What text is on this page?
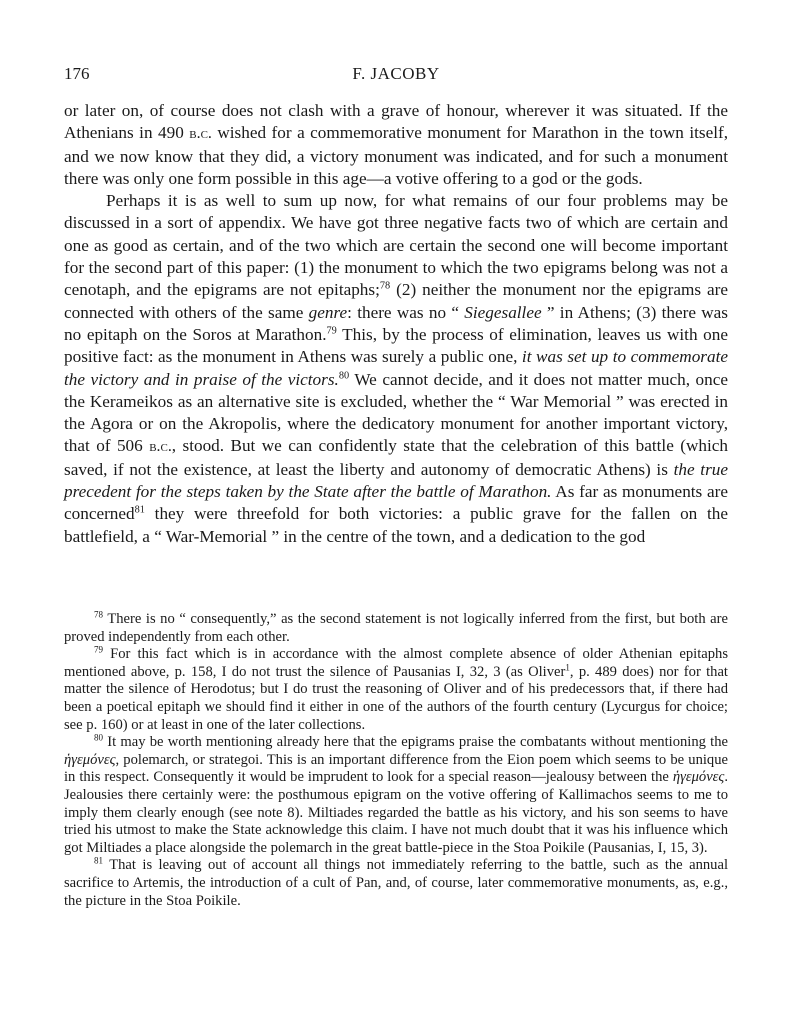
176	F. JACOBY

or later on, of course does not clash with a grave of honour, wherever it was situated. If the Athenians in 490 b.c. wished for a commemorative monument for Marathon in the town itself, and we now know that they did, a victory monument was indicated, and for such a monument there was only one form possible in this age—a votive offering to a god or the gods.

Perhaps it is as well to sum up now, for what remains of our four problems may be discussed in a sort of appendix. We have got three negative facts two of which are certain and one as good as certain, and of the two which are certain the second one will become important for the second part of this paper: (1) the monument to which the two epigrams belong was not a cenotaph, and the epigrams are not epitaphs;$^{78}$ (2) neither the monument nor the epigrams are connected with others of the same genre: there was no “ Siegesallee ” in Athens; (3) there was no epitaph on the Soros at Marathon.$^{79}$ This, by the process of elimination, leaves us with one positive fact: as the monument in Athens was surely a public one, it was set up to commemorate the victory and in praise of the victors.$^{80}$ We cannot decide, and it does not matter much, once the Kerameikos as an alternative site is excluded, whether the “ War Memorial ” was erected in the Agora or on the Akropolis, where the dedicatory monument for another important victory, that of 506 b.c., stood. But we can confidently state that the celebration of this battle (which saved, if not the existence, at least the liberty and autonomy of democratic Athens) is the true precedent for the steps taken by the State after the battle of Marathon. As far as monuments are concerned$^{81}$ they were threefold for both victories: a public grave for the fallen on the battlefield, a “ War-Memorial ” in the centre of the town, and a dedication to the god

$^{78}$ There is no “ consequently,” as the second statement is not logically inferred from the first, but both are proved independently from each other.

$^{79}$ For this fact which is in accordance with the almost complete absence of older Athenian epitaphs mentioned above, p. 158, I do not trust the silence of Pausanias I, 32, 3 (as Oliver$^1$, p. 489 does) nor for that matter the silence of Herodotus; but I do trust the reasoning of Oliver and of his predecessors that, if there had been a poetical epitaph we should find it either in one of the authors of the fourth century (Lycurgus for choice; see p. 160) or at least in one of the later collections.

$^{80}$ It may be worth mentioning already here that the epigrams praise the combatants without mentioning the ἡγεμόνες, polemarch, or strategoi. This is an important difference from the Eion poem which seems to be unique in this respect. Consequently it would be imprudent to look for a special reason—jealousy between the ἡγεμόνες. Jealousies there certainly were: the posthumous epigram on the votive offering of Kallimachos seems to me to imply them clearly enough (see note 8). Miltiades regarded the battle as his victory, and his son seems to have tried his utmost to make the State acknowledge this claim. I have not much doubt that it was his influence which got Miltiades a place alongside the polemarch in the great battle-piece in the Stoa Poikile (Pausanias, I, 15, 3).

$^{81}$ That is leaving out of account all things not immediately referring to the battle, such as the annual sacrifice to Artemis, the introduction of a cult of Pan, and, of course, later commemorative monuments, as, e.g., the picture in the Stoa Poikile.
